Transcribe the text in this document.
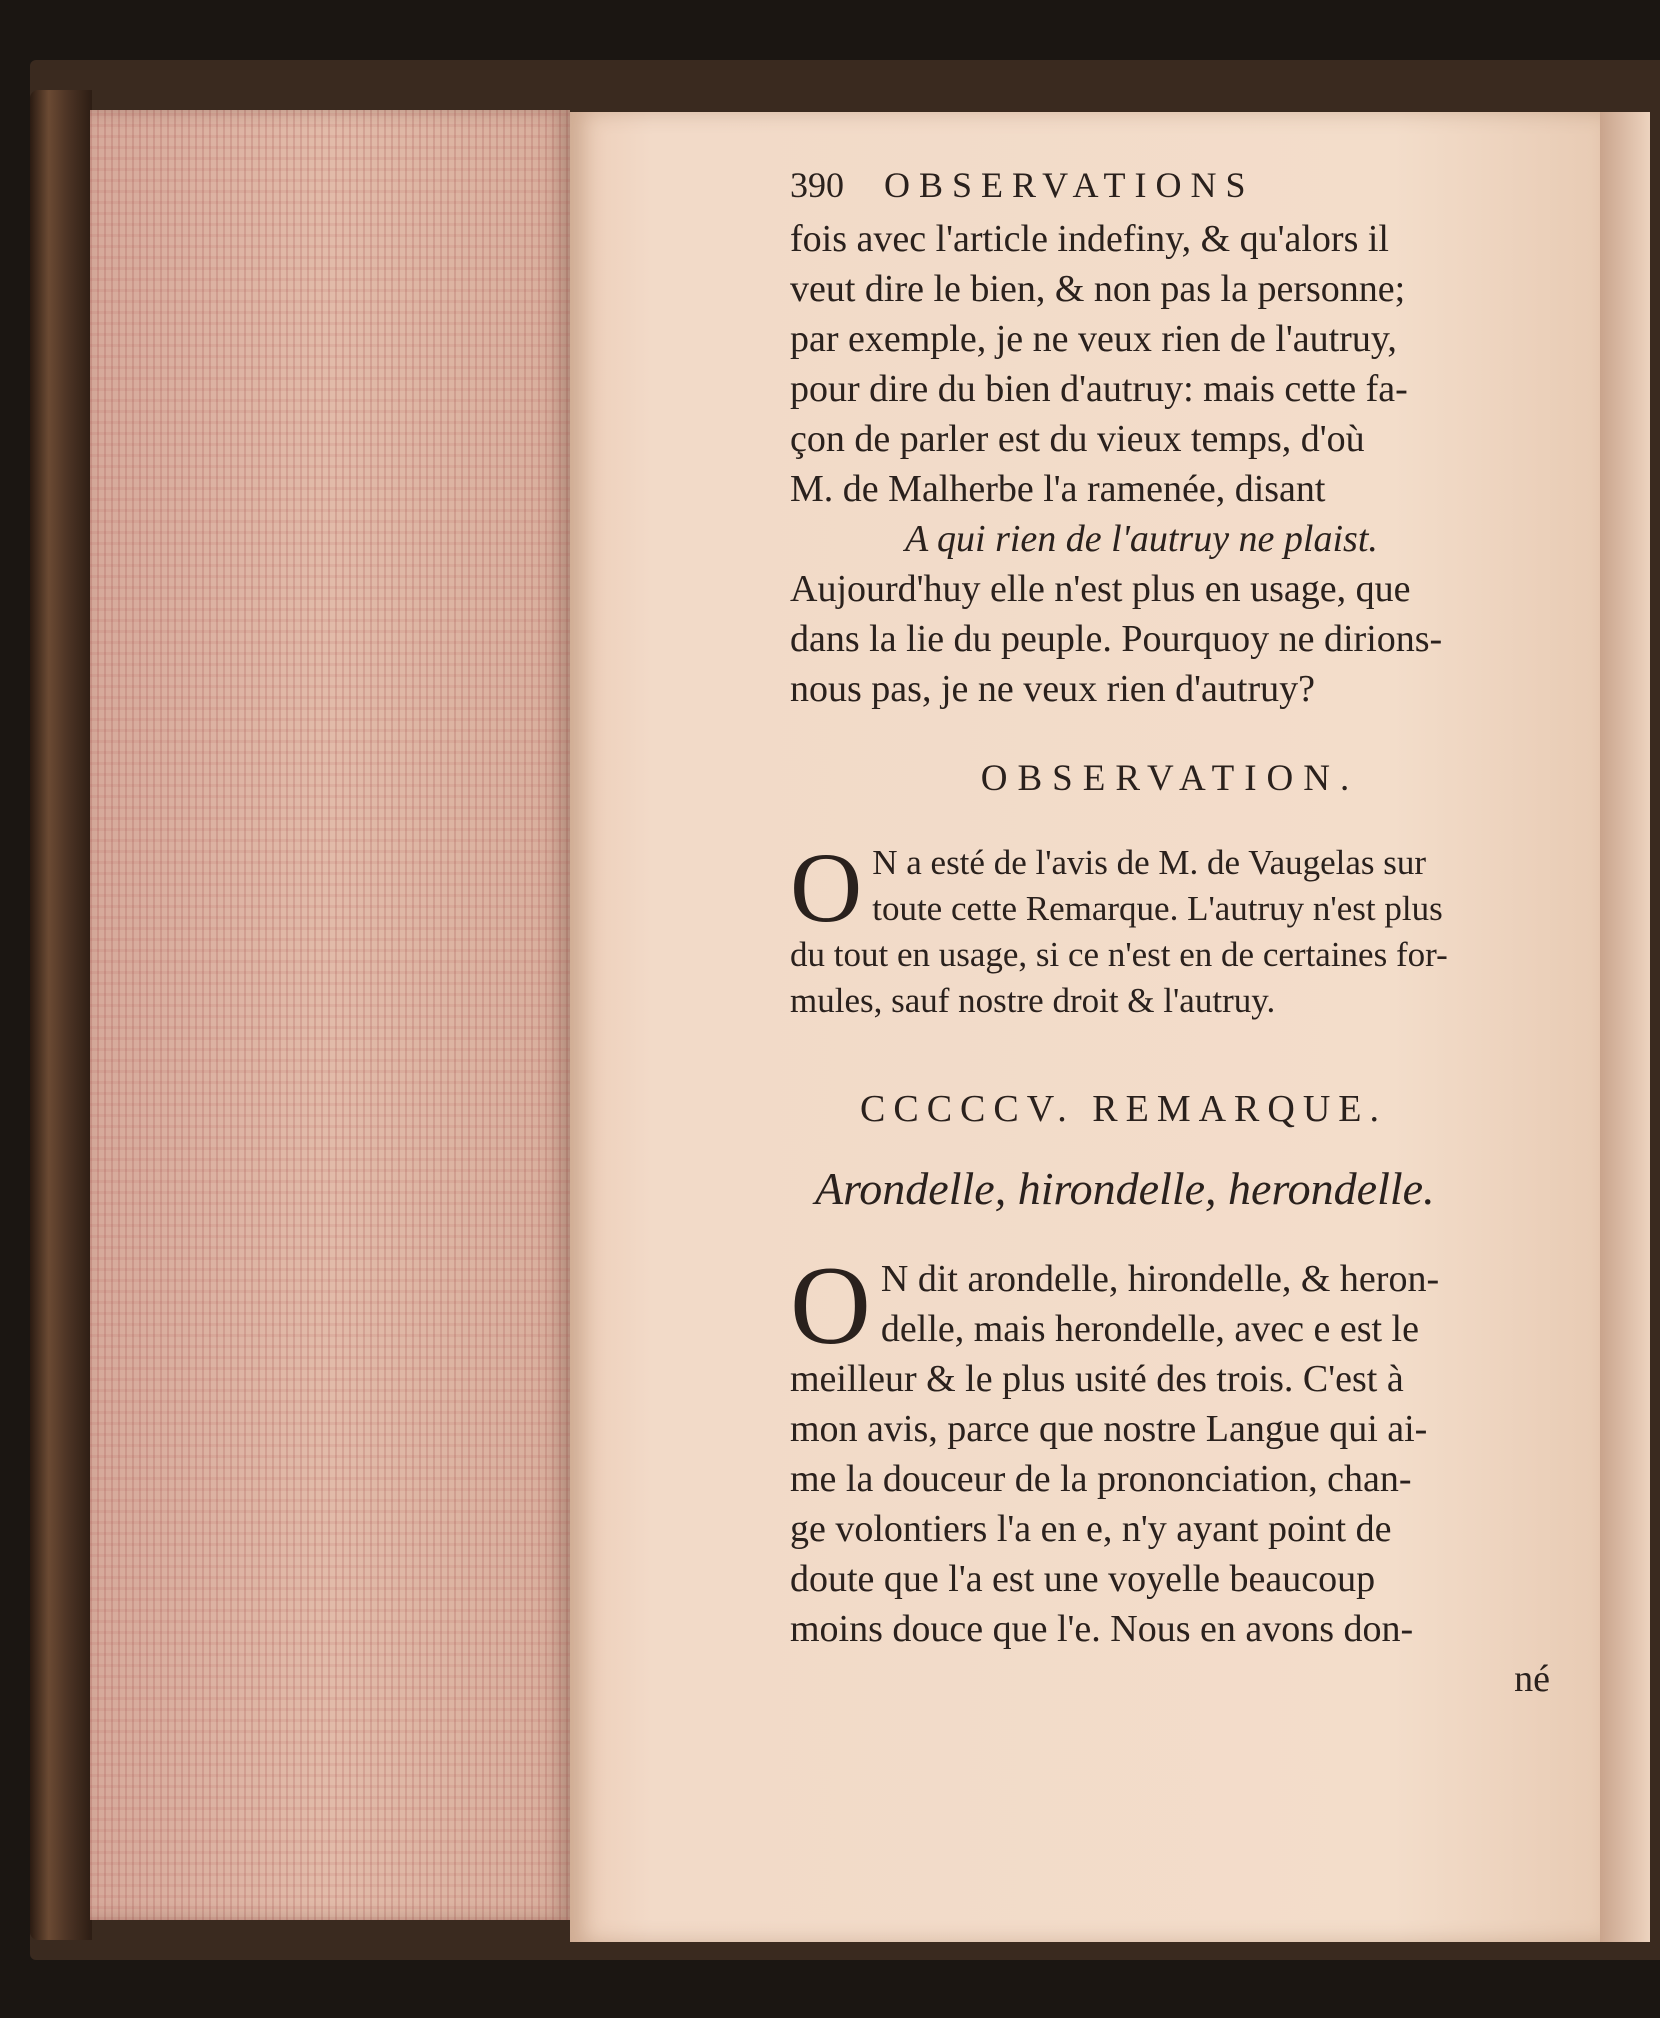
390 OBSERVATIONS
fois avec l'article indefiny, & qu'alors il
veut dire le bien, & non pas la personne;
par exemple, je ne veux rien de l'autruy,
pour dire du bien d'autruy: mais cette fa-
çon de parler est du vieux temps, d'où
M. de Malherbe l'a ramenée, disant
A qui rien de l'autruy ne plaist.
Aujourd'huy elle n'est plus en usage, que
dans la lie du peuple. Pourquoy ne dirions-
nous pas, je ne veux rien d'autruy?
OBSERVATION.
O N a esté de l'avis de M. de Vaugelas sur
toute cette Remarque. L'autruy n'est plus
du tout en usage, si ce n'est en de certaines for-
mules, sauf nostre droit & l'autruy.
CCCCCV. REMARQUE.
Arondelle, hirondelle, herondelle.
O N dit arondelle, hirondelle, & heron-
delle, mais herondelle, avec e est le
meilleur & le plus usité des trois. C'est à
mon avis, parce que nostre Langue qui ai-
me la douceur de la prononciation, chan-
ge volontiers l'a en e, n'y ayant point de
doute que l'a est une voyelle beaucoup
moins douce que l'e. Nous en avons don-
né
